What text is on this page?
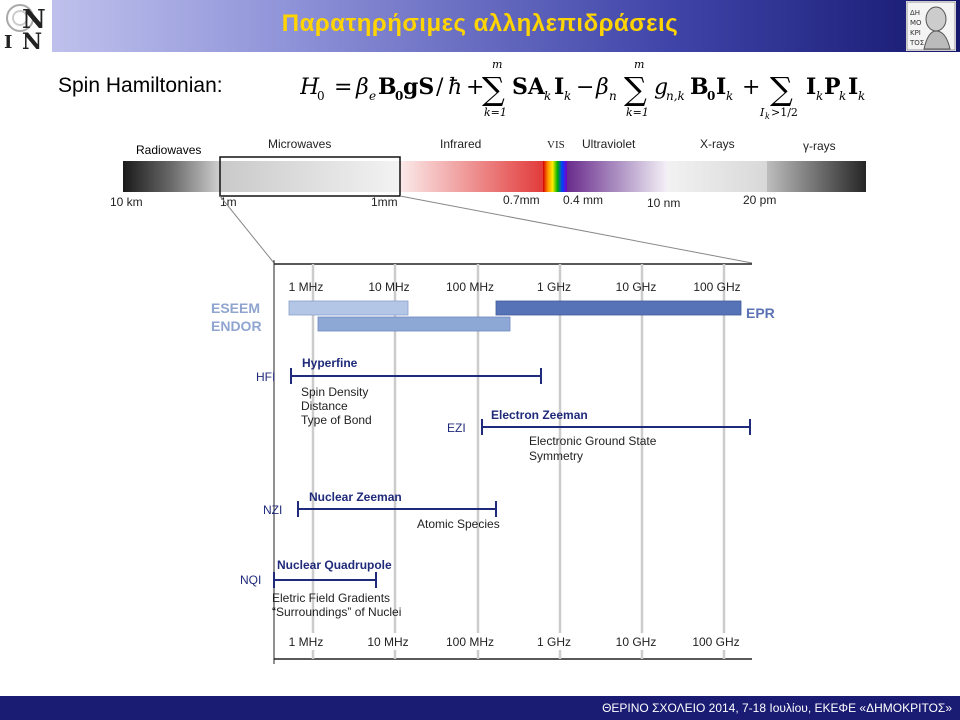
N
I N
Παρατηρήσιμες αλληλεπιδράσεις	ΔΗ
ΜΟ
ΚΡΙ
ΤΟΣ
Spin Hamiltonian:	H
0 = β e B
0 gS / ħ +
m
∑
k=1
SA k I k − β n
m
∑
k=1
g
n,k B
0 I k + ∑
I k >1/2
I k P
k I k
Radiowaves	Microwaves	Infrared	VIS Ultraviolet	X-rays	γ-rays
10 km	1m	1mm	0.7mm 0.4 mm	10 nm	20 pm
1 MHz	10 MHz	100 MHz	1 GHz	10 GHz	100 GHz
ESEEM
ENDOR
EPR
Hyperfine
HFI
Spin Density
Distance
Type of Bond	Electron Zeeman
EZI
Electronic Ground State
Symmetry
Nuclear Zeeman
NZI
Atomic Species
Nuclear Quadrupole
NQI
Eletric Field Gradients
“Surroundings” of Nuclei
1 MHz	10 MHz	100 MHz	1 GHz	10 GHz	100 GHz
ΘΕΡΙΝΟ ΣΧΟΛΕΙΟ 2014, 7-18 Ιουλίου, ΕΚΕΦΕ «ΔΗΜΟΚΡΙΤΟΣ»
